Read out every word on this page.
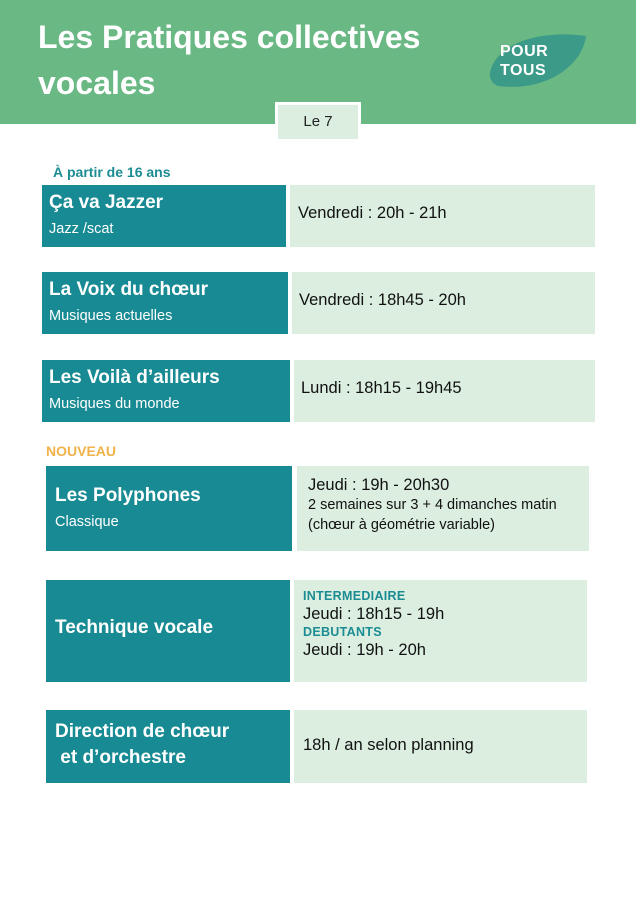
Les Pratiques collectives vocales
POUR
TOUS
Le 7

À partir de 16 ans

Ça va Jazzer
Jazz /scat
Vendredi : 20h - 21h
La Voix du chœur
Musiques actuelles
Vendredi : 18h45 - 20h
Les Voilà d’ailleurs
Musiques du monde
Lundi : 18h15 - 19h45

NOUVEAU

Les Polyphones
Classique
Jeudi : 19h - 20h30
2 semaines sur 3 + 4 dimanches matin
(chœur à géométrie variable)
Technique vocale
INTERMEDIAIRE
Jeudi : 18h15 - 19h
DEBUTANTS
Jeudi : 19h - 20h
Direction de chœur
et d’orchestre
18h / an selon planning
